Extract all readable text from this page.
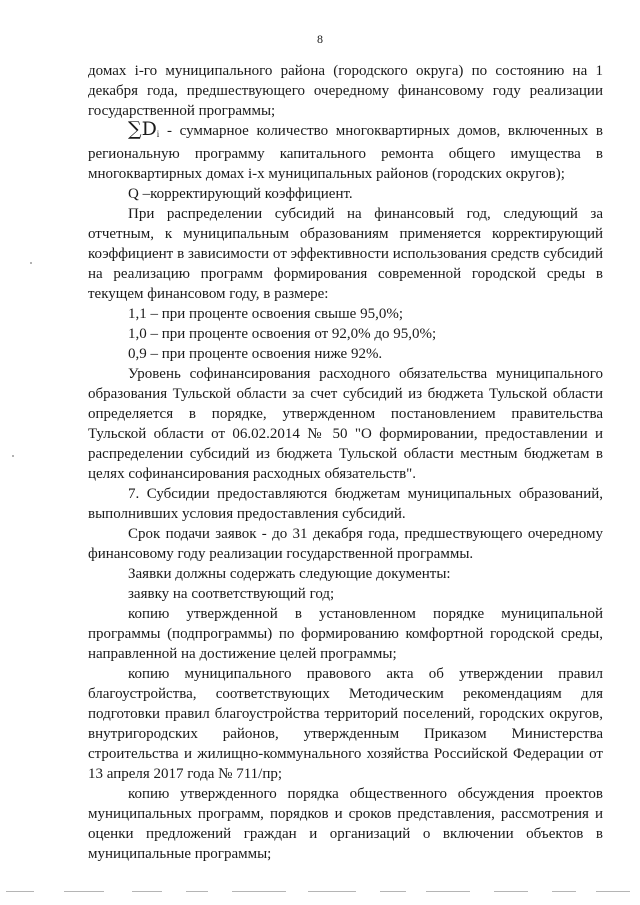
8

домах i-го муниципального района (городского округа) по состоянию на 1 декабря года, предшествующего очередному финансовому году реализации государственной программы;

∑Di - суммарное количество многоквартирных домов, включенных в региональную программу капитального ремонта общего имущества в многоквартирных домах i-х муниципальных районов (городских округов);

Q –корректирующий коэффициент.

При распределении субсидий на финансовый год, следующий за отчетным, к муниципальным образованиям применяется корректирующий коэффициент в зависимости от эффективности использования средств субсидий на реализацию программ формирования современной городской среды в текущем финансовом году, в размере:

1,1 – при проценте освоения свыше 95,0%;

1,0 – при проценте освоения от 92,0% до 95,0%;

0,9 – при проценте освоения ниже 92%.

Уровень софинансирования расходного обязательства муниципального образования Тульской области за счет субсидий из бюджета Тульской области определяется в порядке, утвержденном постановлением правительства Тульской области от 06.02.2014 № 50 "О формировании, предоставлении и распределении субсидий из бюджета Тульской области местным бюджетам в целях софинансирования расходных обязательств".

7. Субсидии предоставляются бюджетам муниципальных образований, выполнивших условия предоставления субсидий.

Срок подачи заявок - до 31 декабря года, предшествующего очередному финансовому году реализации государственной программы.

Заявки должны содержать следующие документы:

заявку на соответствующий год;

копию утвержденной в установленном порядке муниципальной программы (подпрограммы) по формированию комфортной городской среды, направленной на достижение целей программы;

копию муниципального правового акта об утверждении правил благоустройства, соответствующих Методическим рекомендациям для подготовки правил благоустройства территорий поселений, городских округов, внутригородских районов, утвержденным Приказом Министерства строительства и жилищно-коммунального хозяйства Российской Федерации от 13 апреля 2017 года № 711/пр;

копию утвержденного порядка общественного обсуждения проектов муниципальных программ, порядков и сроков представления, рассмотрения и оценки предложений граждан и организаций о включении объектов в муниципальные программы;
